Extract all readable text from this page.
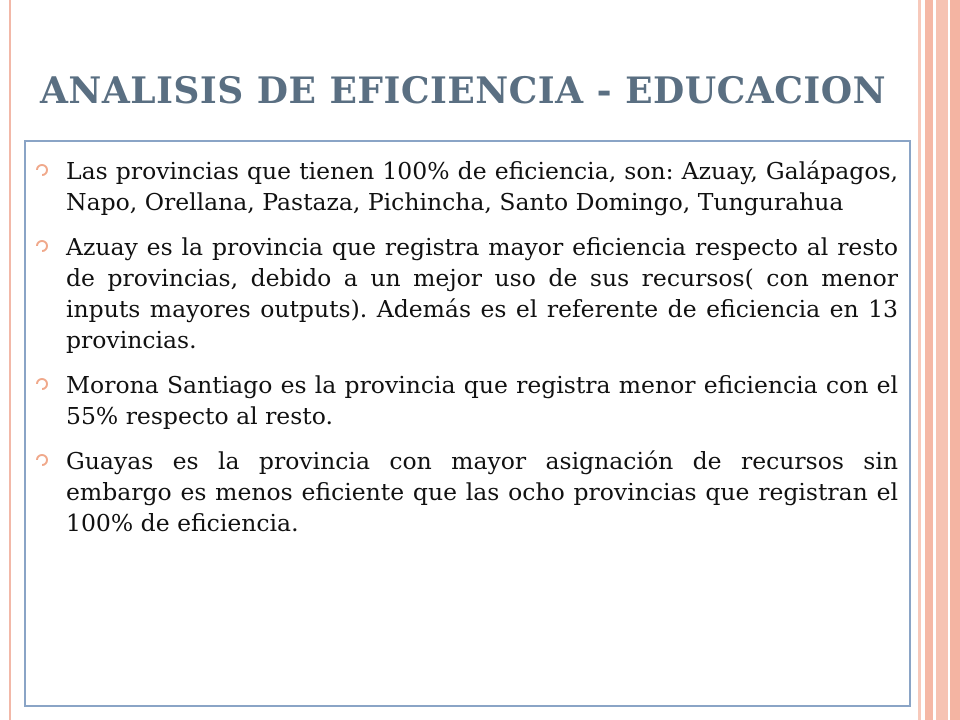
ANALISIS DE EFICIENCIA - EDUCACION

Las provincias que tienen 100% de eficiencia, son: Azuay, Galápagos, Napo, Orellana, Pastaza, Pichincha, Santo Domingo, Tungurahua

Azuay es la provincia que registra mayor eficiencia respecto al resto de provincias, debido a un mejor uso de sus recursos( con menor inputs mayores outputs). Además es el referente de eficiencia en 13 provincias.

Morona Santiago es la provincia que registra menor eficiencia con el 55% respecto al resto.

Guayas es la provincia con mayor asignación de recursos sin embargo es menos eficiente que las ocho provincias que registran el 100% de eficiencia.
